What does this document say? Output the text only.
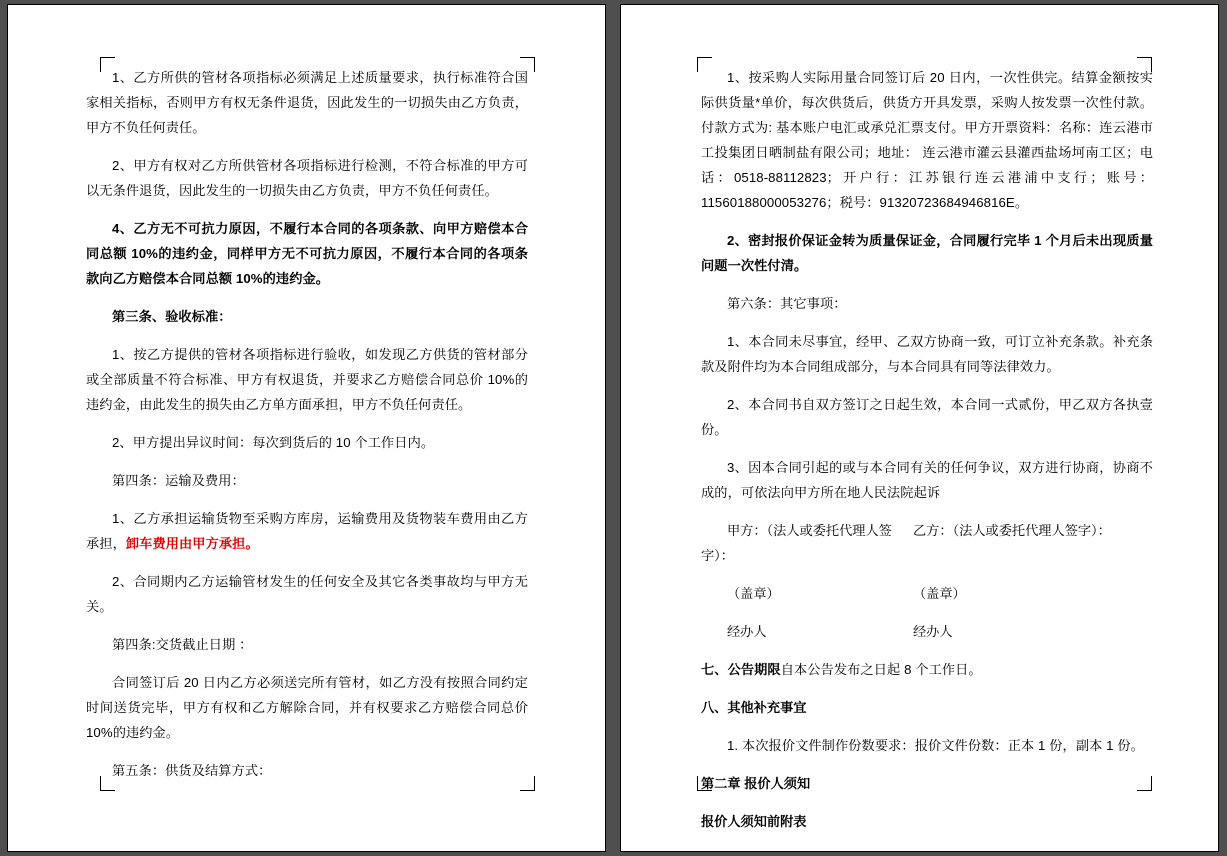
1、乙方所供的管材各项指标必须满足上述质量要求，执行标准符合国家相关指标，否则甲方有权无条件退货，因此发生的一切损失由乙方负责，甲方不负任何责任。

2、甲方有权对乙方所供管材各项指标进行检测，不符合标准的甲方可以无条件退货，因此发生的一切损失由乙方负责，甲方不负任何责任。

4、乙方无不可抗力原因，不履行本合同的各项条款、向甲方赔偿本合同总额 10%的违约金，同样甲方无不可抗力原因，不履行本合同的各项条款向乙方赔偿本合同总额 10%的违约金。

第三条、验收标准：

1、按乙方提供的管材各项指标进行验收，如发现乙方供货的管材部分或全部质量不符合标准、甲方有权退货，并要求乙方赔偿合同总价 10%的违约金，由此发生的损失由乙方单方面承担，甲方不负任何责任。

2、甲方提出异议时间：每次到货后的 10 个工作日内。

第四条：运输及费用：

1、乙方承担运输货物至采购方库房，运输费用及货物装车费用由乙方承担，卸车费用由甲方承担。

2、合同期内乙方运输管材发生的任何安全及其它各类事故均与甲方无关。

第四条:交货截止日期 ：

合同签订后 20 日内乙方必须送完所有管材，如乙方没有按照合同约定时间送货完毕，甲方有权和乙方解除合同，并有权要求乙方赔偿合同总价 10%的违约金。

第五条：供货及结算方式：

1、按采购人实际用量合同签订后 20 日内，一次性供完。结算金额按实际供货量*单价，每次供货后，供货方开具发票，采购人按发票一次性付款。付款方式为: 基本账户电汇或承兑汇票支付。甲方开票资料：名称：连云港市工投集团日晒制盐有限公司；地址： 连云港市灌云县灌西盐场坷南工区；电话：0518-88112823；开户行：江苏银行连云港浦中支行；账号：11560188000053276；税号：91320723684946816E。

2、密封报价保证金转为质量保证金，合同履行完毕 1 个月后未出现质量问题一次性付清。

第六条：其它事项：

1、本合同未尽事宜，经甲、乙双方协商一致，可订立补充条款。补充条款及附件均为本合同组成部分，与本合同具有同等法律效力。

2、本合同书自双方签订之日起生效，本合同一式贰份，甲乙双方各执壹份。

3、因本合同引起的或与本合同有关的任何争议，双方进行协商，协商不成的，可依法向甲方所在地人民法院起诉

甲方：（法人或委托代理人签字）：
乙方：（法人或委托代理人签字）：
（盖章）	（盖章）
经办人	经办人

七、公告期限自本公告发布之日起 8 个工作日。

八、其他补充事宜

1. 本次报价文件制作份数要求：报价文件份数：正本 1 份，副本 1 份。

第二章 报价人须知

报价人须知前附表
